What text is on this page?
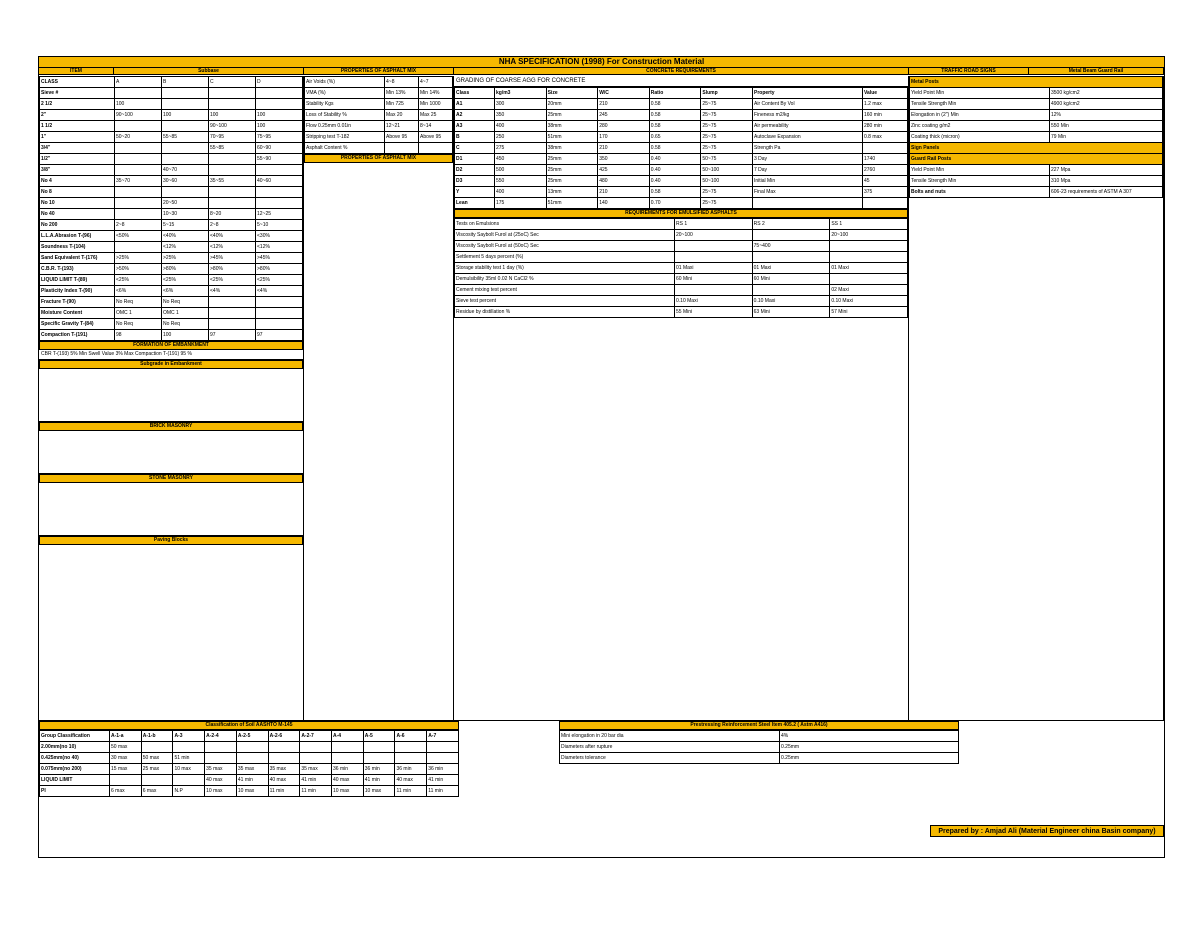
NHA SPECIFICATION (1998) For Construction Material
ITEM	Subbase	PROPERTIES OF ASPHALT MIX	CONCRETE REQUIREMENTS	TRAFFIC ROAD SIGNS	Metal Beam Guard Rail
CLASS	A	B	C	D
Sieve #				
2 1/2	100			
2"	90~100	100	100	100
1 1/2			90~100	100
1"	50~20	55~85	70~95	75~95
3/4"			55~85	60~90
1/2"				55~90
3/8"		40~70		
No 4	35~70	30~60	35~55	40~60
No 8				
No 10		20~50		
No 40		10~30	8~20	12~25
No 200	2~8	5~15	2~8	5~10
L.L.A.Abrasion T-(96)	<50%	<40%	<40%	<30%
Soundness T-(104)		<12%	<12%	<12%
Sand Equivalent T-(176)	>25%	>25%	>45%	>45%
C.B.R. T-(193)	>50%	>80%	>80%	>80%
LIQUID LIMIT T-(89)	<25%	<25%	<25%	<25%
Plasticity Index T-(90)	<6%	<6%	<4%	<4%
Fracture T-(90)	No Req	No Req		
Moisture Content	OMC 1	OMC 1		
Specific Gravity T-(84)	No Req	No Req		
Compaction T-(191)	98	100	97	97
FORMATION OF EMBANKMENT
CBR T-(193) 5% Min Swell Value 3% Max Compaction T-(191) 95 %
Subgrade in Embankment
BRICK MASONRY
STONE MASONRY
Paving Blocks
Air Voids (%)	4~8	4~7
VMA (%)	Min 13%	Min 14%
Stability Kgs	Min 725	Min 1000
Loss of Stability %	Max 20	Max 25
Flow 0.25mm 0.01in	12~21	8~14
Stripping test T-182	Above 95	Above 95
Asphalt Content %		
PROPERTIES OF ASPHALT MIX
GRADING OF COARSE AGG FOR CONCRETE
Class	kg/m3	Size	W/C	Ratio	Slump	Property	Value
A1	300	20mm	210	0.58	25~75	Air Content By Vol	1.2 max
A2	350	25mm	245	0.58	25~75	Fineness m2/kg	160 min
A3	400	38mm	280	0.58	25~75	Air permeability	280 min
B	250	51mm	170	0.65	25~75	Autoclave Expansion	0.8 max
C	275	38mm	210	0.58	25~75	Strength Pa	
D1	450	25mm	350	0.40	50~75	3 Day	1740
D2	500	25mm	425	0.40	50~100	7 Day	2760
D3	550	25mm	480	0.40	50~100	Initial Min	45
Y	400	13mm	210	0.58	25~75	Final Max	375
Lean	175	51mm	140	0.70	25~75		
REQUIREMENTS FOR EMULSIFIED ASPHALTS
Tests on Emulsions	RS 1	RS 2	SS 1
Viscosity Saybolt Furol at (25oC) Sec	20~100		20~100
Viscosity Saybolt Furol at (50oC) Sec		75~400	
Settlement 5 days percent (%)			
Storage stability test 1 day (%)	01 Maxi	01 Maxi	01 Maxi
Demulsibility 35ml 0.02 N CaCl2 %	60 Mini	60 Mini	
Cement mixing test percent			02 Maxi
Sieve test percent	0.10 Maxi	0.10 Maxi	0.10 Maxi
Residue by distillation %	55 Mini	63 Mini	57 Mini
Metal Posts	
Yield Point Min	3500 kg/cm2
Tensile Strength Min	4900 kg/cm2
Elongation in (2") Min	12%
Zinc coating g/m2	550 Min
Coating thick (micron)	79 Min
Sign Panels	
Guard Rail Posts	
Yield Point Min	227 Mpa
Tensile Strength Min	310 Mpa
Bolts and nuts	606-23 requirements of ASTM A 307
Classification of Soil AASHTO M-145
Group Classification	A-1-a	A-1-b	A-3	A-2-4	A-2-5	A-2-6	A-2-7	A-4	A-5	A-6	A-7
2.00mm(no 10)	50 max										
0.425mm(no 40)	30 max	50 max	51 min								
0.075mm(no 200)	15 max	25 max	10 max	35 max	35 max	35 max	35 max	36 min	36 min	36 min	36 min
LIQUID LIMIT				40 max	41 min	40 max	41 min	40 max	41 min	40 max	41 min
PI	6 max	6 max	N.P	10 max	10 max	11 min	11 min	10 max	10 max	11 min	11 min
Prestressing Reinforcement Steel Item 405.2 ( Astm A416)
Mini elongation in 20 bar dia	4%
Diameters after rupture	0.25mm
Diameters tolerance	0.25mm
Prepared by : Amjad Ali (Material Engineer china Basin company)
